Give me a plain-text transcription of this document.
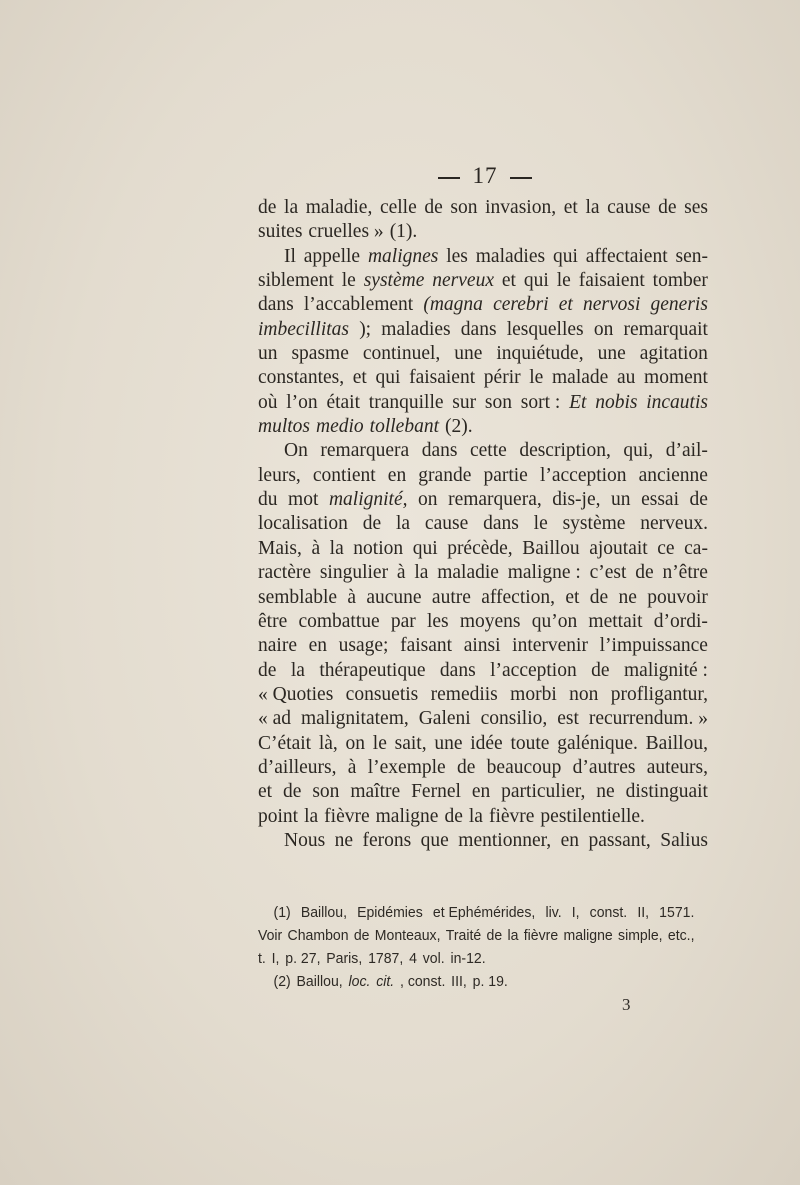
17
de la maladie, celle de son invasion, et la cause de ses
suites cruelles » (1).
Il appelle malignes les maladies qui affectaient sen-
siblement le système nerveux et qui le faisaient tomber
dans l’accablement (magna cerebri et nervosi generis
imbecillitas ); maladies dans lesquelles on remarquait
un spasme continuel, une inquiétude, une agitation
constantes, et qui faisaient périr le malade au moment
où l’on était tranquille sur son sort : Et nobis incautis
multos medio tollebant (2).
On remarquera dans cette description, qui, d’ail-
leurs, contient en grande partie l’acception ancienne
du mot malignité, on remarquera, dis-je, un essai de
localisation de la cause dans le système nerveux.
Mais, à la notion qui précède, Baillou ajoutait ce ca-
ractère singulier à la maladie maligne : c’est de n’être
semblable à aucune autre affection, et de ne pouvoir
être combattue par les moyens qu’on mettait d’ordi-
naire en usage; faisant ainsi intervenir l’impuissance
de la thérapeutique dans l’acception de malignité :
« Quoties consuetis remediis morbi non profligantur,
« ad malignitatem, Galeni consilio, est recurrendum. »
C’était là, on le sait, une idée toute galénique. Baillou,
d’ailleurs, à l’exemple de beaucoup d’autres auteurs,
et de son maître Fernel en particulier, ne distinguait
point la fièvre maligne de la fièvre pestilentielle.
Nous ne ferons que mentionner, en passant, Salius
(1) Baillou, Epidémies et Ephémérides, liv. I, const. II, 1571.
Voir Chambon de Monteaux, Traité de la fièvre maligne simple, etc.,
t. I, p. 27, Paris, 1787, 4 vol. in-12.
(2) Baillou, loc. cit. , const. III, p. 19.
3
